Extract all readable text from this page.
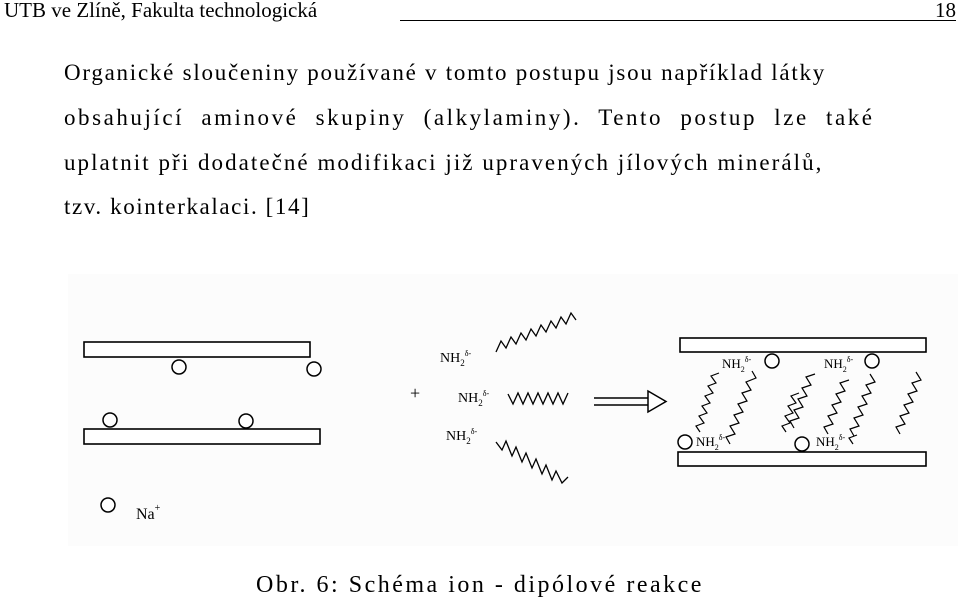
UTB ve Zlíně, Fakulta technologická	18
Organické sloučeniny používané v tomto postupu jsou například látky
obsahující aminové skupiny (alkylaminy). Tento postup lze také
uplatnit při dodatečné modifikaci již upravených jílových minerálů,
tzv. kointerkalaci. [14]
Na+
+
$NH_2^{\delta-}$
$NH_2^{\delta-}$
$NH_2^{\delta-}$
$NH_2^{\delta-}$	$NH_2^{\delta-}$
$NH_2^{\delta-}$	$NH_2^{\delta-}$
Obr. 6: Schéma ion - dipólové reakce
